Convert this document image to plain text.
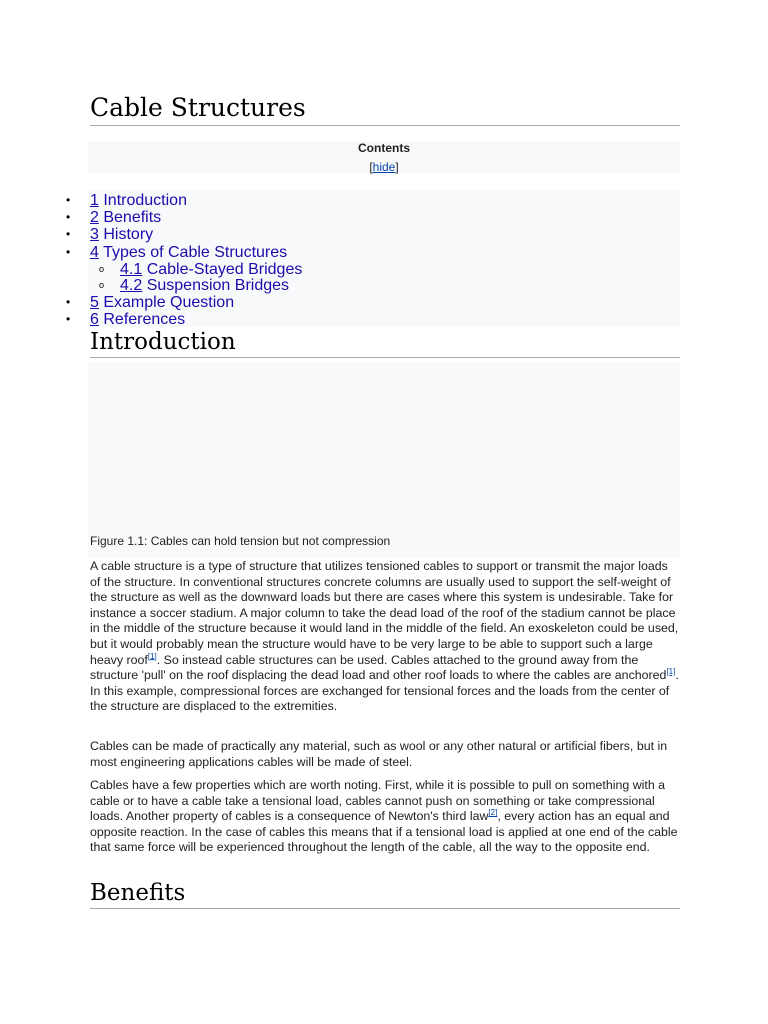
Cable Structures
Contents
[hide]
• 1 Introduction
• 2 Benefits
• 3 History
• 4 Types of Cable Structures
o 4.1 Cable-Stayed Bridges
o 4.2 Suspension Bridges
• 5 Example Question
• 6 References
Introduction
Figure 1.1: Cables can hold tension but not compression

A cable structure is a type of structure that utilizes tensioned cables to support or transmit the major loads of the structure. In conventional structures concrete columns are usually used to support the self-weight of the structure as well as the downward loads but there are cases where this system is undesirable. Take for instance a soccer stadium. A major column to take the dead load of the roof of the stadium cannot be place in the middle of the structure because it would land in the middle of the field. An exoskeleton could be used, but it would probably mean the structure would have to be very large to be able to support such a large heavy roof[1]. So instead cable structures can be used. Cables attached to the ground away from the structure 'pull' on the roof displacing the dead load and other roof loads to where the cables are anchored[1]. In this example, compressional forces are exchanged for tensional forces and the loads from the center of the structure are displaced to the extremities.

Cables can be made of practically any material, such as wool or any other natural or artificial fibers, but in most engineering applications cables will be made of steel.

Cables have a few properties which are worth noting. First, while it is possible to pull on something with a cable or to have a cable take a tensional load, cables cannot push on something or take compressional loads. Another property of cables is a consequence of Newton's third law[2], every action has an equal and opposite reaction. In the case of cables this means that if a tensional load is applied at one end of the cable that same force will be experienced throughout the length of the cable, all the way to the opposite end.

Benefits
